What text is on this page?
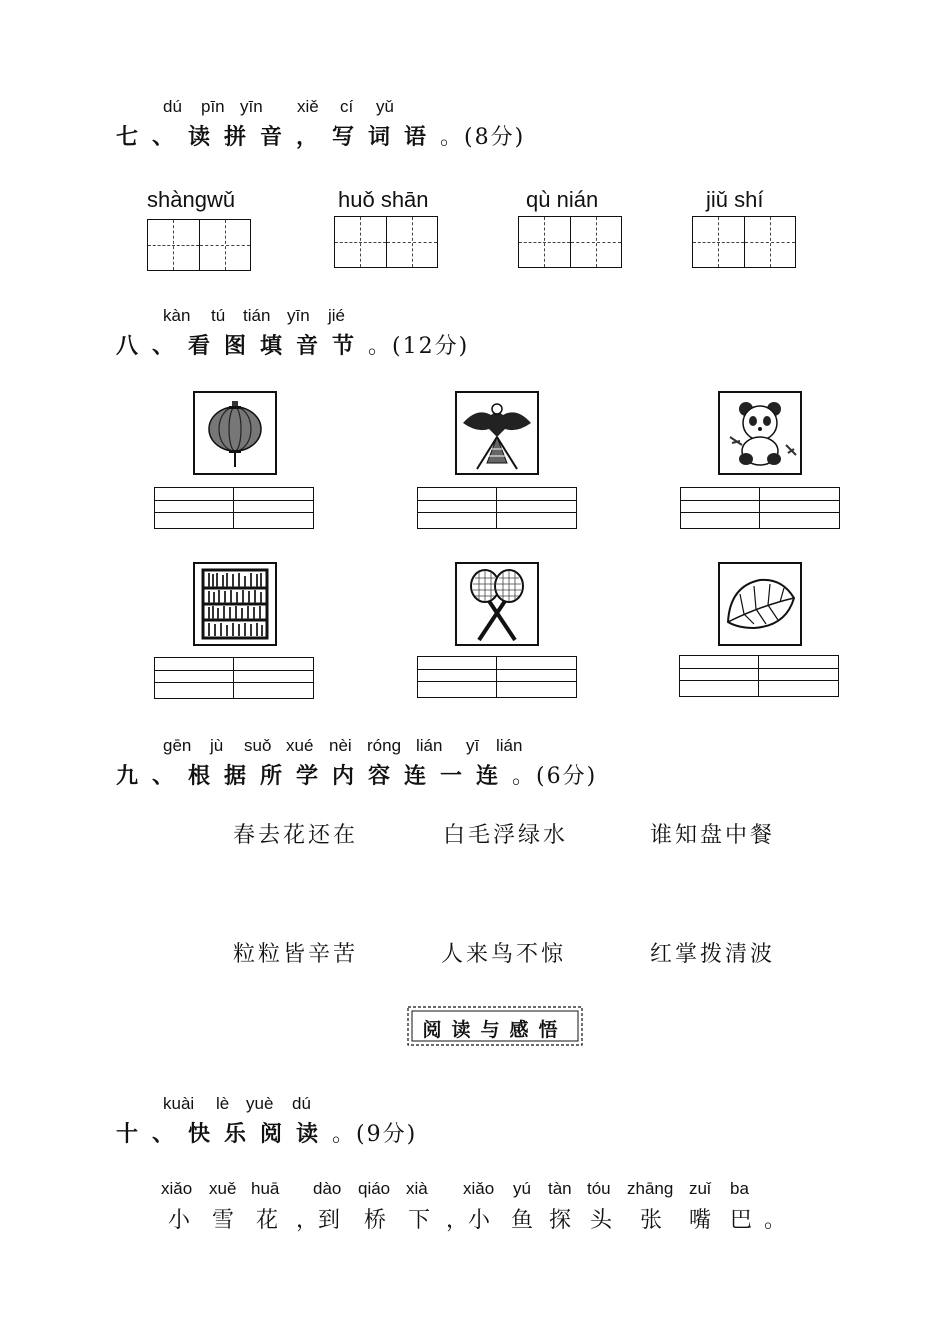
dú pīn yīn xiě cí yǔ
七、读拼音，写词语。(8分)
shàngwǔ	huǒ shān	qù nián	jiǔ shí
kàn tú tián yīn jié
八、看图填音节。(12分)
gēn jù suǒ xué nèi róng lián yī lián
九、根据所学内容连一连。(6分)
春去花还在	白毛浮绿水	谁知盘中餐
粒粒皆辛苦	人来鸟不惊	红掌拨清波
阅读与感悟
kuài lè yuè dú
十、快乐阅读。(9分)
xiǎo xuě huā dào qiáo xià xiǎo yú tàn tóu zhāng zuǐ ba
小 雪 花 ，到 桥 下 ，小 鱼 探 头 张 嘴 巴 。
